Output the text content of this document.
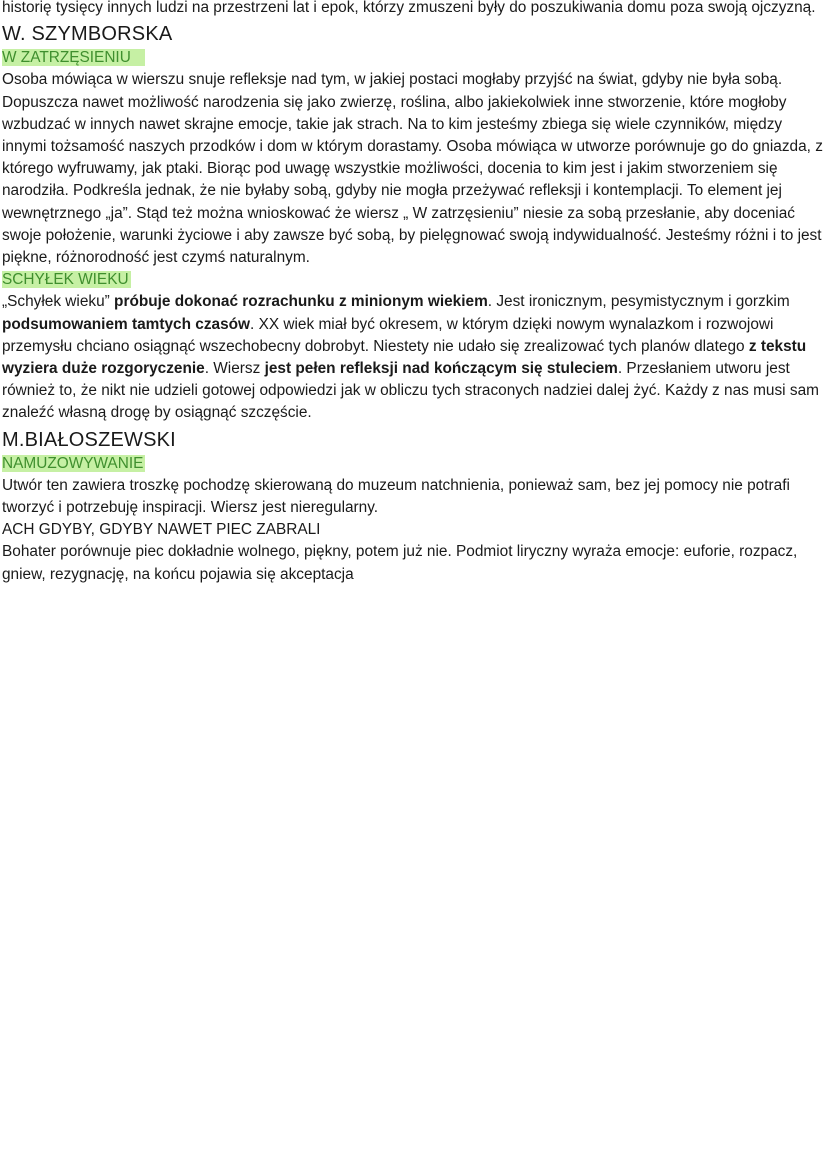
historię tysięcy innych ludzi na przestrzeni lat i epok, którzy zmuszeni były do poszukiwania domu poza swoją ojczyzną.

W. SZYMBORSKA

W ZATRZĘSIENIU

Osoba mówiąca w wierszu snuje refleksje nad tym, w jakiej postaci mogłaby przyjść na świat, gdyby nie była sobą. Dopuszcza nawet możliwość narodzenia się jako zwierzę, roślina, albo jakiekolwiek inne stworzenie, które mogłoby wzbudzać w innych nawet skrajne emocje, takie jak strach. Na to kim jesteśmy zbiega się wiele czynników, między innymi tożsamość naszych przodków i dom w którym dorastamy. Osoba mówiąca w utworze porównuje go do gniazda, z którego wyfruwamy, jak ptaki. Biorąc pod uwagę wszystkie możliwości, docenia to kim jest i jakim stworzeniem się narodziła. Podkreśla jednak, że nie byłaby sobą, gdyby nie mogła przeżywać refleksji i kontemplacji. To element jej wewnętrznego „ja”. Stąd też można wnioskować że wiersz „ W zatrzęsieniu” niesie za sobą przesłanie, aby doceniać swoje położenie, warunki życiowe i aby zawsze być sobą, by pielęgnować swoją indywidualność. Jesteśmy różni i to jest piękne, różnorodność jest czymś naturalnym.

SCHYŁEK WIEKU

„Schyłek wieku” próbuje dokonać rozrachunku z minionym wiekiem. Jest ironicznym, pesymistycznym i gorzkim podsumowaniem tamtych czasów. XX wiek miał być okresem, w którym dzięki nowym wynalazkom i rozwojowi przemysłu chciano osiągnąć wszechobecny dobrobyt. Niestety nie udało się zrealizować tych planów dlatego z tekstu wyziera duże rozgoryczenie. Wiersz jest pełen refleksji nad kończącym się stuleciem. Przesłaniem utworu jest również to, że nikt nie udzieli gotowej odpowiedzi jak w obliczu tych straconych nadziei dalej żyć. Każdy z nas musi sam znaleźć własną drogę by osiągnąć szczęście.

M.BIAŁOSZEWSKI

NAMUZOWYWANIE

Utwór ten zawiera troszkę pochodzę skierowaną do muzeum natchnienia, ponieważ sam, bez jej pomocy nie potrafi tworzyć i potrzebuję inspiracji. Wiersz jest nieregularny.

ACH GDYBY, GDYBY NAWET PIEC ZABRALI

Bohater porównuje piec dokładnie wolnego, piękny, potem już nie. Podmiot liryczny wyraża emocje: euforie, rozpacz, gniew, rezygnację, na końcu pojawia się akceptacja
